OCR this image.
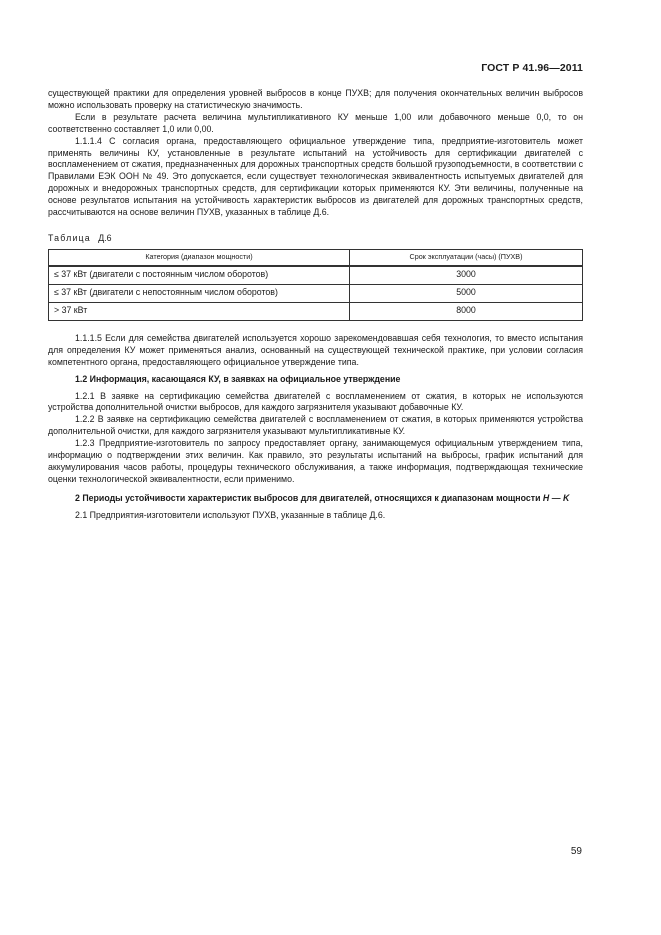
ГОСТ Р 41.96—2011

существующей практики для определения уровней выбросов в конце ПУХВ; для получения окончательных величин выбросов можно использовать проверку на статистическую значимость.

Если в результате расчета величина мультипликативного КУ меньше 1,00 или добавочного меньше 0,0, то он соответственно составляет 1,0 или 0,00.

1.1.1.4 С согласия органа, предоставляющего официальное утверждение типа, предприятие-изготовитель может применять величины КУ, установленные в результате испытаний на устойчивость для сертификации двигателей с воспламенением от сжатия, предназначенных для дорожных транспортных средств большой грузоподъемности, в соответствии с Правилами ЕЭК ООН № 49. Это допускается, если существует технологическая эквивалентность испытуемых двигателей для дорожных и внедорожных транспортных средств, для сертификации которых применяются КУ. Эти величины, полученные на основе результатов испытания на устойчивость характеристик выбросов из двигателей для дорожных транспортных средств, рассчитываются на основе величин ПУХВ, указанных в таблице Д.6.

Таблица Д.6

Категория (диапазон мощности)	Срок эксплуатации (часы) (ПУХВ)
≤ 37 кВт (двигатели с постоянным числом оборотов)	3000
≤ 37 кВт (двигатели с непостоянным числом оборотов)	5000
> 37 кВт	8000

1.1.1.5 Если для семейства двигателей используется хорошо зарекомендовавшая себя технология, то вместо испытания для определения КУ может применяться анализ, основанный на существующей технической практике, при условии согласия компетентного органа, предоставляющего официальное утверждение типа.

1.2 Информация, касающаяся КУ, в заявках на официальное утверждение

1.2.1 В заявке на сертификацию семейства двигателей с воспламенением от сжатия, в которых не используются устройства дополнительной очистки выбросов, для каждого загрязнителя указывают добавочные КУ.

1.2.2 В заявке на сертификацию семейства двигателей с воспламенением от сжатия, в которых применяются устройства дополнительной очистки, для каждого загрязнителя указывают мультипликативные КУ.

1.2.3 Предприятие-изготовитель по запросу предоставляет органу, занимающемуся официальным утверждением типа, информацию о подтверждении этих величин. Как правило, это результаты испытаний на выбросы, график испытаний для аккумулирования часов работы, процедуры технического обслуживания, а также информация, подтверждающая технические оценки технологической эквивалентности, если применимо.

2 Периоды устойчивости характеристик выбросов для двигателей, относящихся к диапазонам мощности H — K

2.1 Предприятия-изготовители используют ПУХВ, указанные в таблице Д.6.

59
